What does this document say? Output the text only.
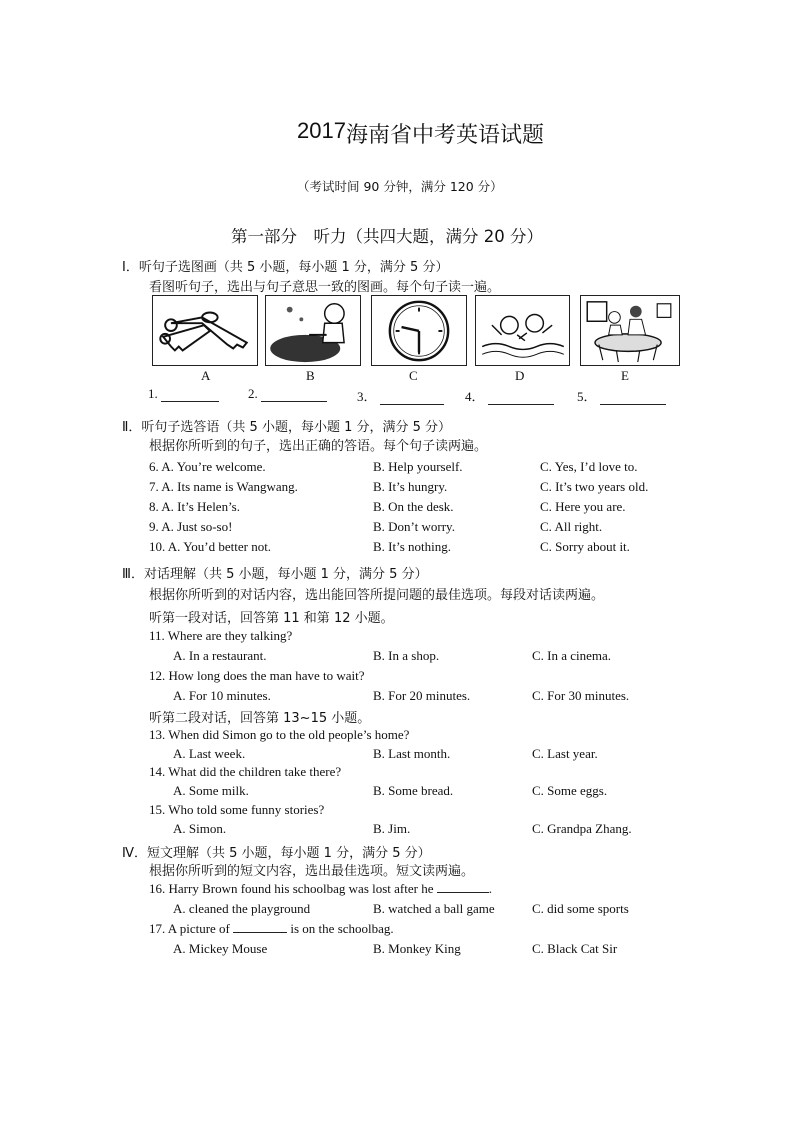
2017海南省中考英语试题
（考试时间 90 分钟，满分 120 分）
第一部分　听力（共四大题，满分 20 分）
Ⅰ．听句子选图画（共 5 小题，每小题 1 分，满分 5 分）
看图听句子，选出与句子意思一致的图画。每个句子读一遍。
A	B	C	D	E
1.	2.	3．	4．	5．
Ⅱ．听句子选答语（共 5 小题，每小题 1 分，满分 5 分）
根据你所听到的句子，选出正确的答语。每个句子读两遍。
6. A. You’re welcome.	B. Help yourself.	C. Yes, I’d love to.
7. A. Its name is Wangwang.	B. It’s hungry.	C. It’s two years old.
8. A. It’s Helen’s.	B. On the desk.	C. Here you are.
9. A. Just so-so!	B. Don’t worry.	C. All right.
10. A. You’d better not.	B. It’s nothing.	C. Sorry about it.
Ⅲ．对话理解（共 5 小题，每小题 1 分，满分 5 分）
根据你所听到的对话内容，选出能回答所提问题的最佳选项。每段对话读两遍。
听第一段对话，回答第 11 和第 12 小题。
11. Where are they talking?
A. In a restaurant.	B. In a shop.	C. In a cinema.
12. How long does the man have to wait?
A. For 10 minutes.	B. For 20 minutes.	C. For 30 minutes.
听第二段对话，回答第 13~15 小题。
13. When did Simon go to the old people’s home?
A. Last week.	B. Last month.	C. Last year.
14. What did the children take there?
A. Some milk.	B. Some bread.	C. Some eggs.
15. Who told some funny stories?
A. Simon.	B. Jim.	C. Grandpa Zhang.
Ⅳ．短文理解（共 5 小题，每小题 1 分，满分 5 分）
根据你所听到的短文内容，选出最佳选项。短文读两遍。
16. Harry Brown found his schoolbag was lost after he	.
A. cleaned the playground	B. watched a ball game	C. did some sports
17. A picture of	is on the schoolbag.
A. Mickey Mouse	B. Monkey King	C. Black Cat Sir
